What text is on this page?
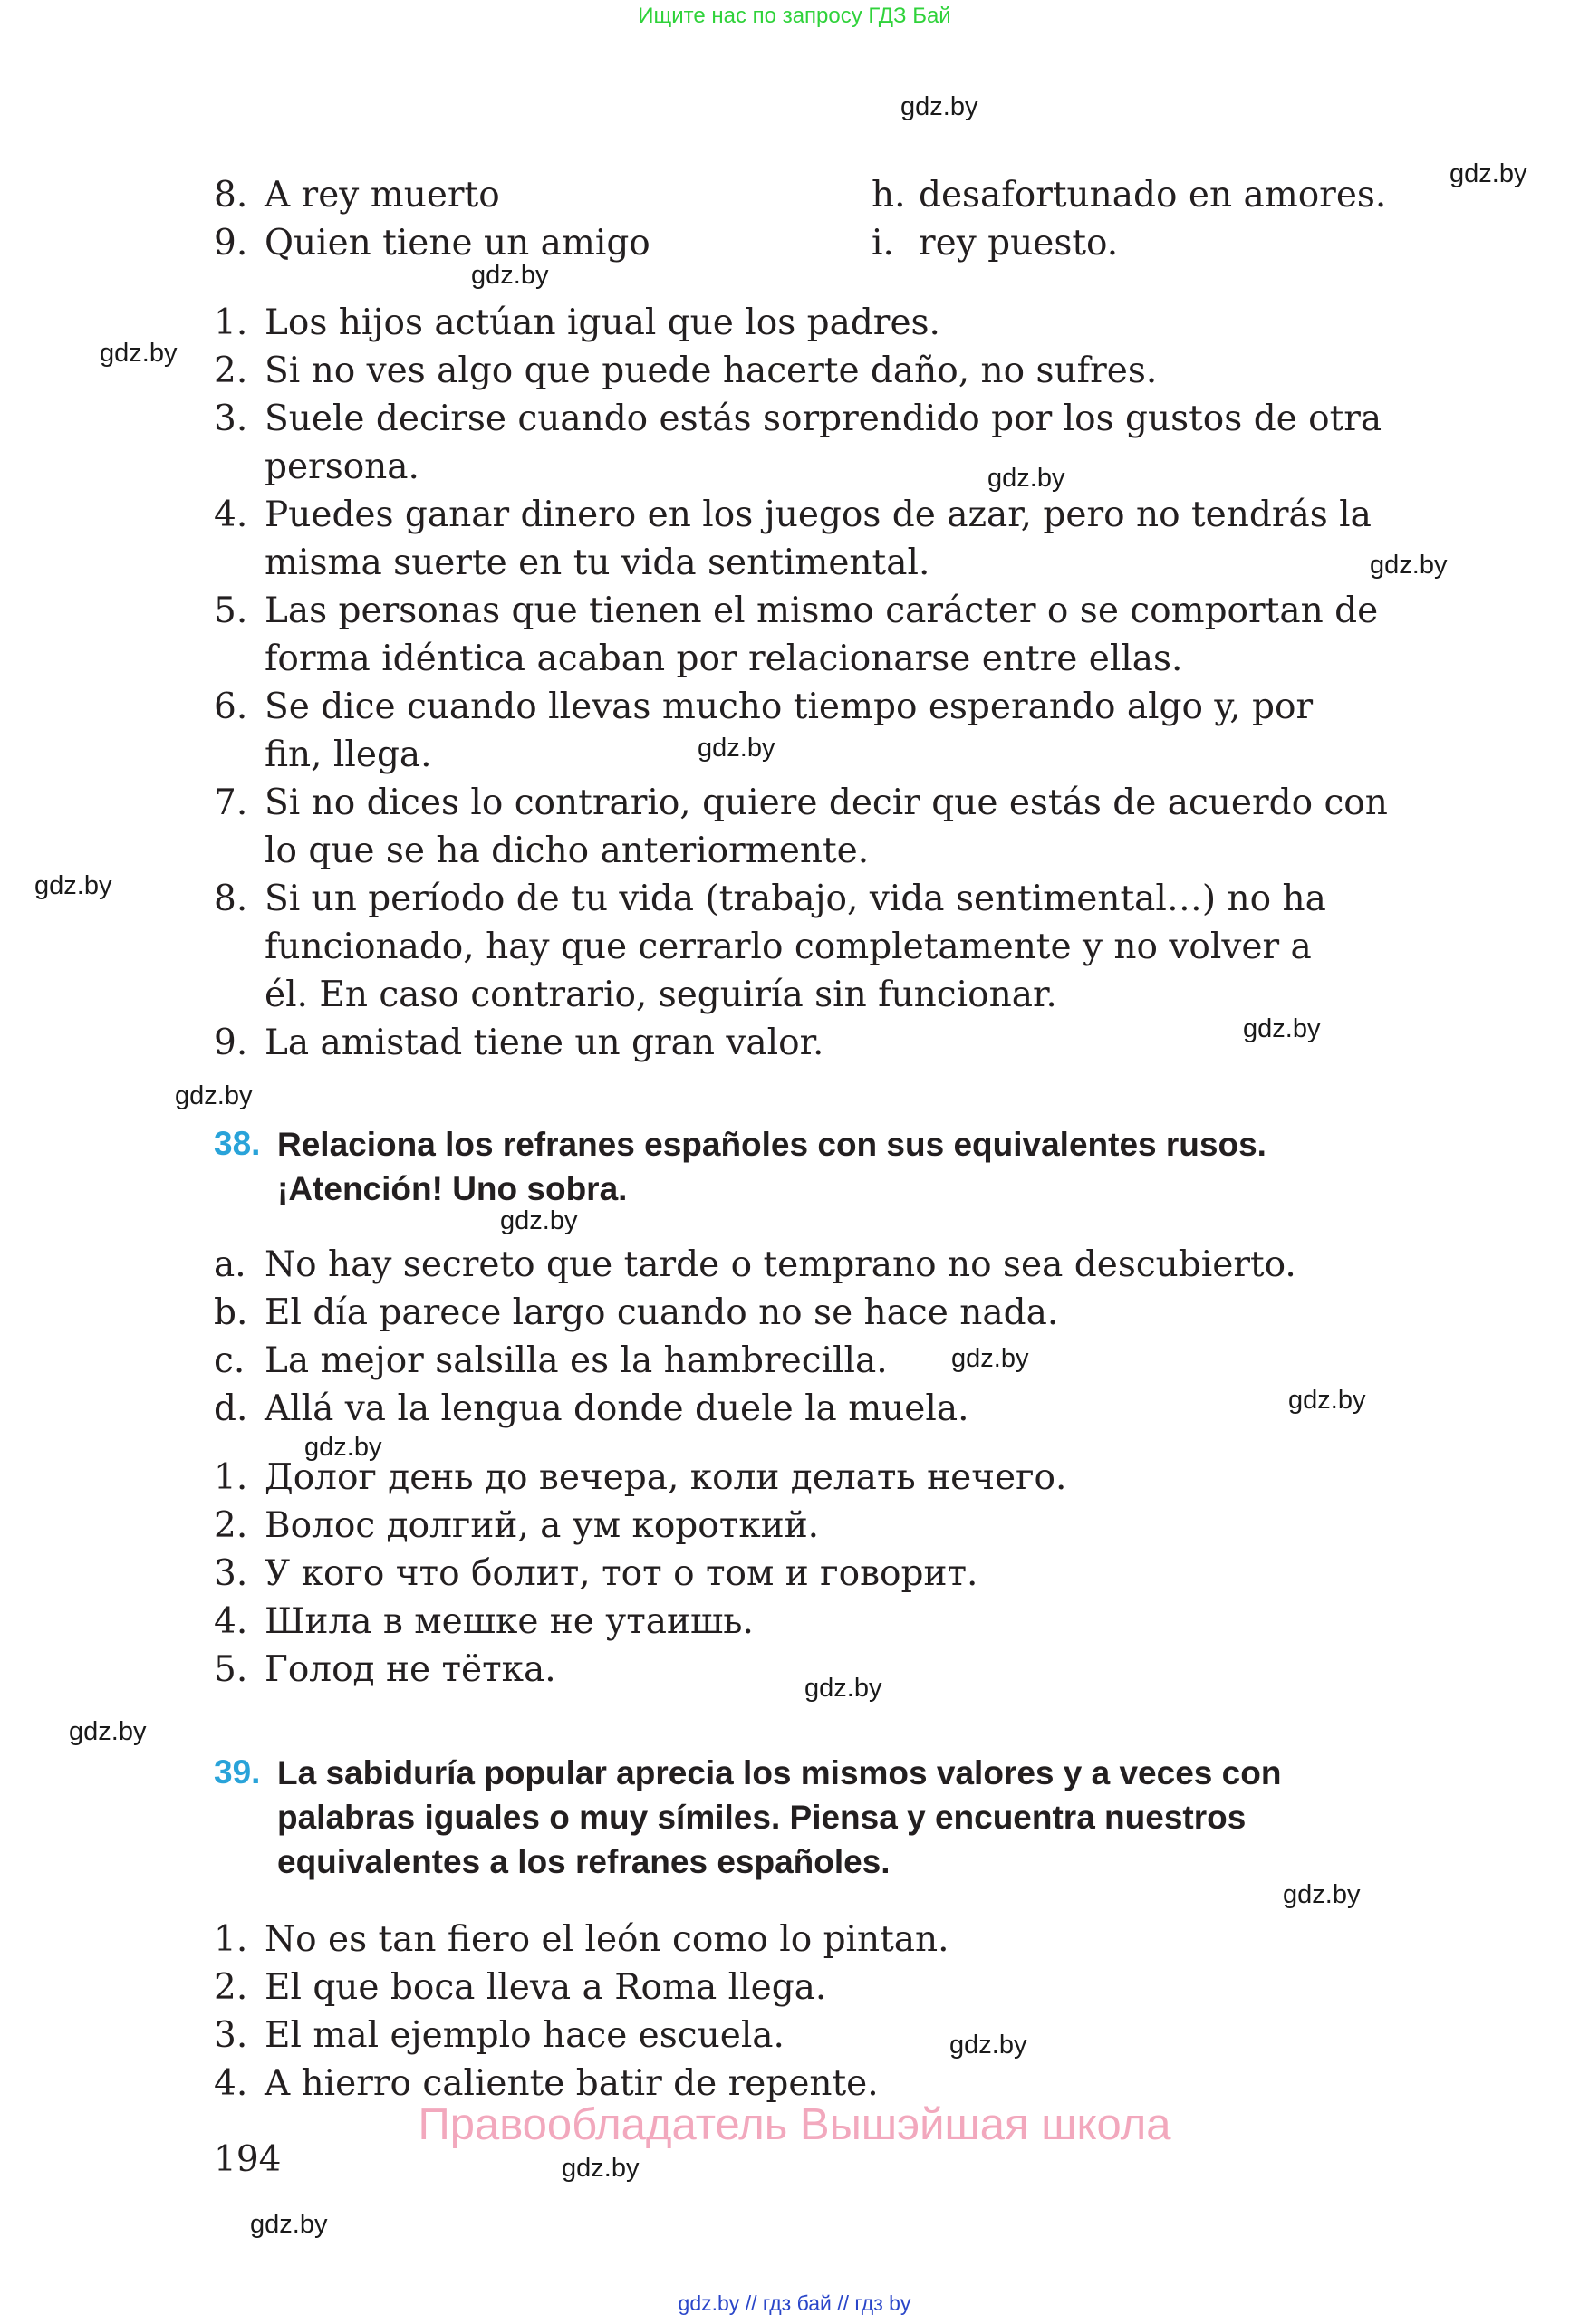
Ищите нас по запросу ГДЗ Бай
gdz.by
gdz.by
gdz.by
gdz.by
gdz.by
gdz.by
gdz.by
gdz.by
gdz.by
gdz.by
gdz.by
gdz.by
gdz.by
gdz.by
gdz.by
gdz.by
gdz.by
gdz.by
gdz.by
gdz.by
8. A rey muerto
9. Quien tiene un amigo
h. desafortunado en amores.
i. rey puesto.
1. Los hijos actúan igual que los padres.
2. Si no ves algo que puede hacerte daño, no sufres.
3. Suele decirse cuando estás sorprendido por los gustos de otra
persona.
4. Puedes ganar dinero en los juegos de azar, pero no tendrás la
misma suerte en tu vida sentimental.
5. Las personas que tienen el mismo carácter o se comportan de
forma idéntica acaban por relacionarse entre ellas.
6. Se dice cuando llevas mucho tiempo esperando algo y, por
fin, llega.
7. Si no dices lo contrario, quiere decir que estás de acuerdo con
lo que se ha dicho anteriormente.
8. Si un período de tu vida (trabajo, vida sentimental…) no ha
funcionado, hay que cerrarlo completamente y no volver a
él. En caso contrario, seguiría sin funcionar.
9. La amistad tiene un gran valor.
38. Relaciona los refranes españoles con sus equivalentes rusos.
¡Atención! Uno sobra.
a. No hay secreto que tarde o temprano no sea descubierto.
b. El día parece largo cuando no se hace nada.
c. La mejor salsilla es la hambrecilla.
d. Allá va la lengua donde duele la muela.
1. Долог день до вечера, коли делать нечего.
2. Волос долгий, а ум короткий.
3. У кого что болит, тот о том и говорит.
4. Шила в мешке не утаишь.
5. Голод не тётка.
39. La sabiduría popular aprecia los mismos valores y a veces con
palabras iguales o muy símiles. Piensa y encuentra nuestros
equivalentes a los refranes españoles.
1. No es tan fiero el león como lo pintan.
2. El que boca lleva a Roma llega.
3. El mal ejemplo hace escuela.
4. A hierro caliente batir de repente.
Правообладатель Вышэйшая школа
194
gdz.by // гдз бай // гдз by
